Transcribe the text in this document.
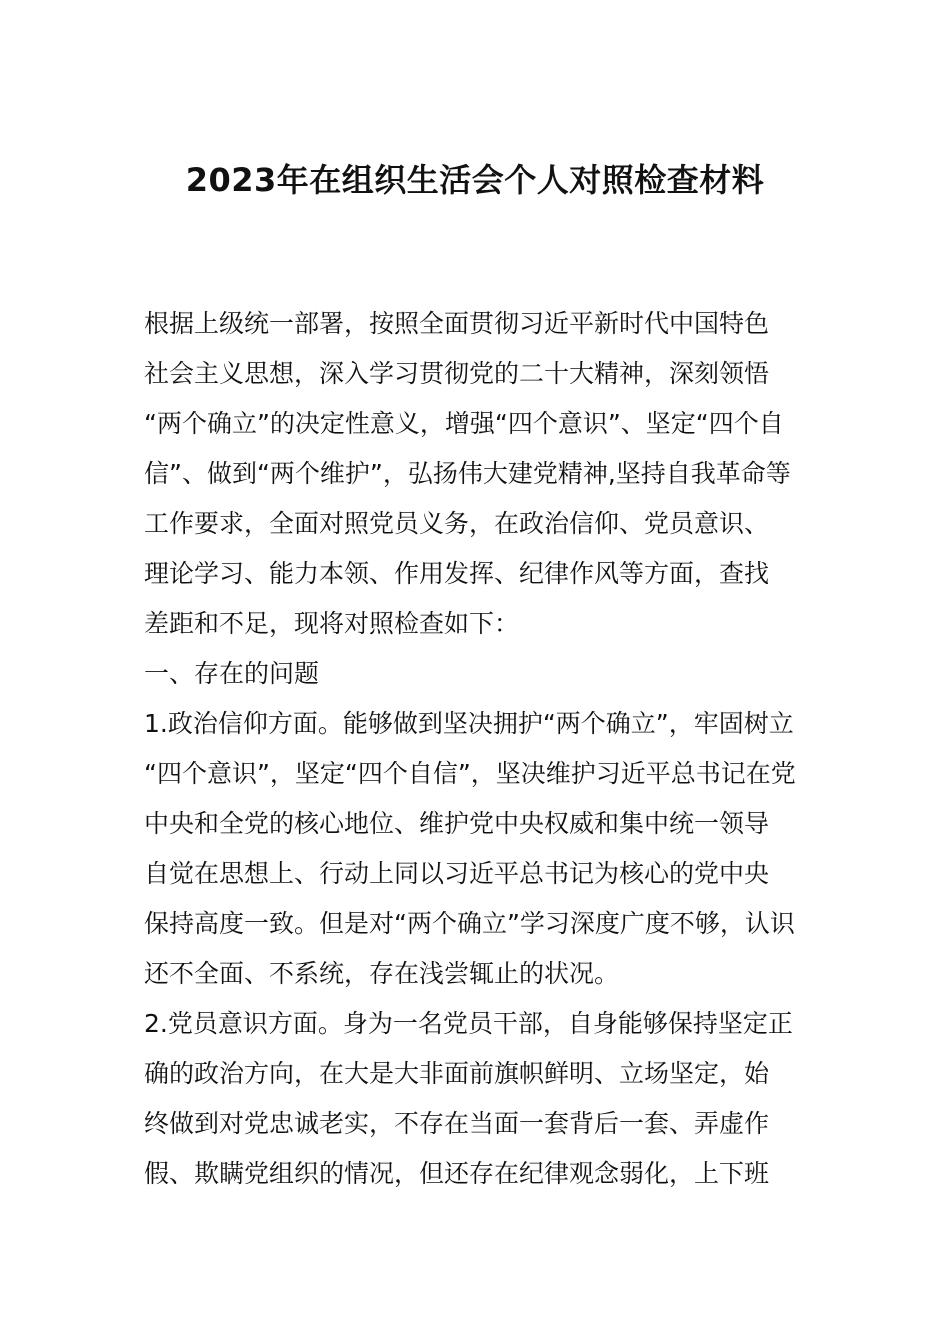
2023年在组织生活会个人对照检查材料
根据上级统一部署，按照全面贯彻习近平新时代中国特色
社会主义思想，深入学习贯彻党的二十大精神，深刻领悟
“两个确立”的决定性意义，增强“四个意识”、坚定“四个自
信”、做到“两个维护”，弘扬伟大建党精神,坚持自我革命等
工作要求，全面对照党员义务，在政治信仰、党员意识、
理论学习、能力本领、作用发挥、纪律作风等方面，查找
差距和不足，现将对照检查如下：
一、存在的问题
1.政治信仰方面。能够做到坚决拥护“两个确立”，牢固树立
“四个意识”，坚定“四个自信”，坚决维护习近平总书记在党
中央和全党的核心地位、维护党中央权威和集中统一领导
自觉在思想上、行动上同以习近平总书记为核心的党中央
保持高度一致。但是对“两个确立”学习深度广度不够，认识
还不全面、不系统，存在浅尝辄止的状况。
2.党员意识方面。身为一名党员干部，自身能够保持坚定正
确的政治方向，在大是大非面前旗帜鲜明、立场坚定，始
终做到对党忠诚老实，不存在当面一套背后一套、弄虚作
假、欺瞒党组织的情况，但还存在纪律观念弱化，上下班
